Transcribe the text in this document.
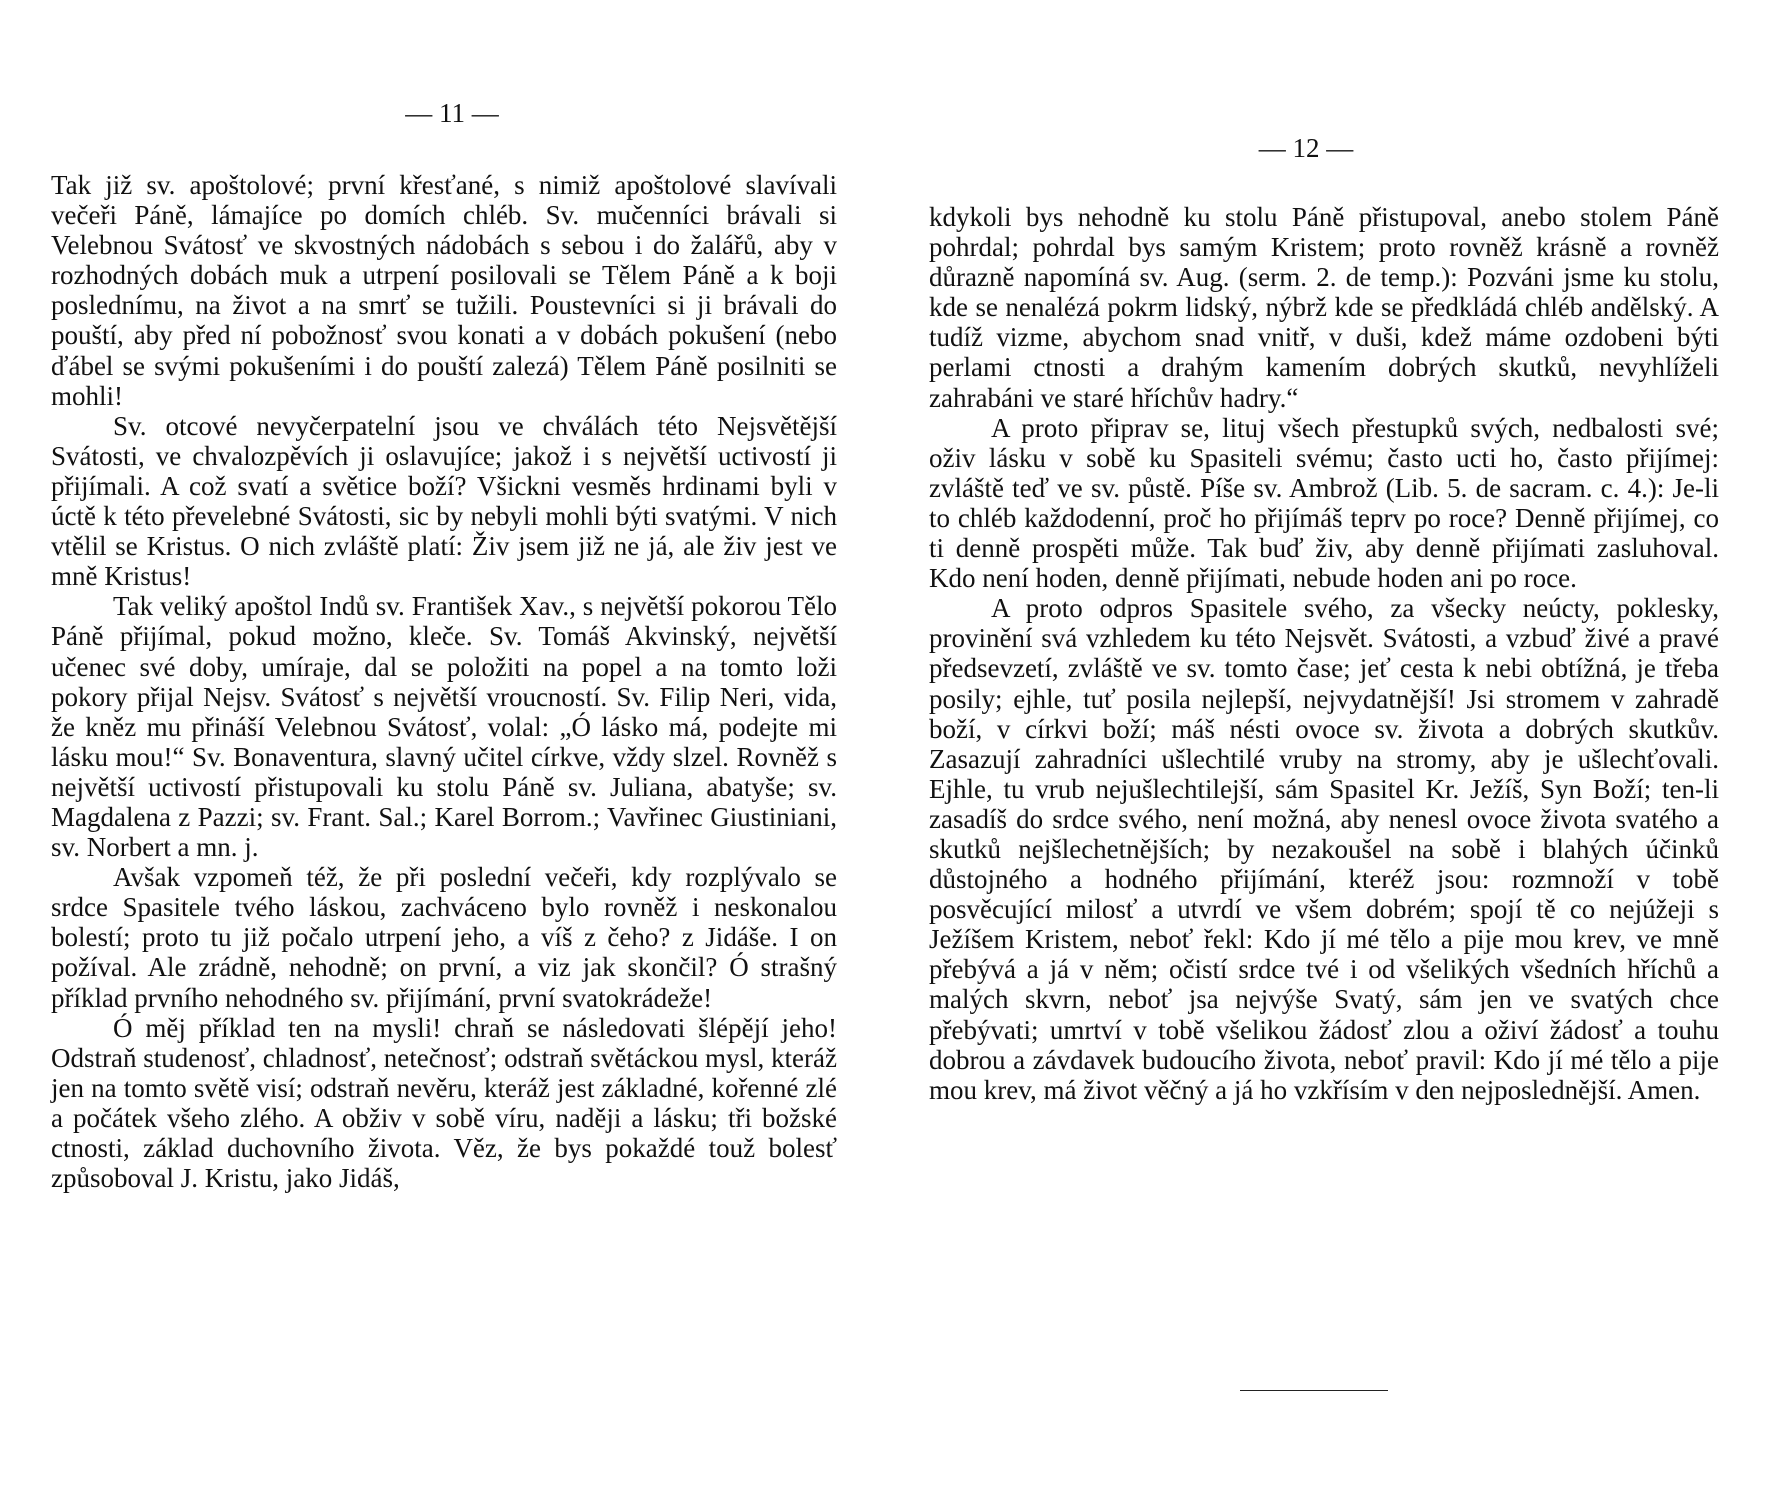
— 11 —

Tak již sv. apoštolové; první křesťané, s nimiž apoštolové slavívali večeři Páně, lámajíce po domích chléb. Sv. mučenníci brávali si Velebnou Svátosť ve skvostných nádobách s sebou i do žalářů, aby v rozhodných dobách muk a utrpení posilovali se Tělem Páně a k boji poslednímu, na život a na smrť se tužili. Poustevníci si ji brávali do pouští, aby před ní pobožnosť svou konati a v dobách pokušení (nebo ďábel se svými pokušeními i do pouští zalezá) Tělem Páně posilniti se mohli!

Sv. otcové nevyčerpatelní jsou ve chválách této Nejsvětější Svátosti, ve chvalozpěvích ji oslavujíce; jakož i s největší uctivostí ji přijímali. A což svatí a světice boží? Všickni vesměs hrdinami byli v úctě k této převelebné Svátosti, sic by nebyli mohli býti svatými. V nich vtělil se Kristus. O nich zvláště platí: Živ jsem již ne já, ale živ jest ve mně Kristus!

Tak veliký apoštol Indů sv. František Xav., s největší pokorou Tělo Páně přijímal, pokud možno, kleče. Sv. Tomáš Akvinský, největší učenec své doby, umíraje, dal se položiti na popel a na tomto loži pokory přijal Nejsv. Svátosť s největší vroucností. Sv. Filip Neri, vida, že kněz mu přináší Velebnou Svátosť, volal: „Ó lásko má, podejte mi lásku mou!“ Sv. Bonaventura, slavný učitel církve, vždy slzel. Rovněž s největší uctivostí přistupovali ku stolu Páně sv. Juliana, abatyše; sv. Magdalena z Pazzi; sv. Frant. Sal.; Karel Borrom.; Vavřinec Giustiniani, sv. Norbert a mn. j.

Avšak vzpomeň též, že při poslední večeři, kdy rozplývalo se srdce Spasitele tvého láskou, zachváceno bylo rovněž i neskonalou bolestí; proto tu již počalo utrpení jeho, a víš z čeho? z Jidáše. I on požíval. Ale zrádně, nehodně; on první, a viz jak skončil? Ó strašný příklad prvního nehodného sv. přijímání, první svatokrádeže!

Ó měj příklad ten na mysli! chraň se následovati šlépějí jeho! Odstraň studenosť, chladnosť, netečnosť; odstraň světáckou mysl, kteráž jen na tomto světě visí; odstraň nevěru, kteráž jest základné, kořenné zlé a počátek všeho zlého. A obživ v sobě víru, naději a lásku; tři božské ctnosti, základ duchovního života. Věz, že bys pokaždé touž bolesť způsoboval J. Kristu, jako Jidáš,

— 12 —

kdykoli bys nehodně ku stolu Páně přistupoval, anebo stolem Páně pohrdal; pohrdal bys samým Kristem; proto rovněž krásně a rovněž důrazně napomíná sv. Aug. (serm. 2. de temp.): Pozváni jsme ku stolu, kde se nenalézá pokrm lidský, nýbrž kde se předkládá chléb andělský. A tudíž vizme, abychom snad vnitř, v duši, kdež máme ozdobeni býti perlami ctnosti a drahým kamením dobrých skutků, nevyhlíželi zahrabáni ve staré hříchův hadry.“

A proto připrav se, lituj všech přestupků svých, nedbalosti své; oživ lásku v sobě ku Spasiteli svému; často ucti ho, často přijímej: zvláště teď ve sv. půstě. Píše sv. Ambrož (Lib. 5. de sacram. c. 4.): Je-li to chléb každodenní, proč ho přijímáš teprv po roce? Denně přijímej, co ti denně prospěti může. Tak buď živ, aby denně přijímati zasluhoval. Kdo není hoden, denně přijímati, nebude hoden ani po roce.

A proto odpros Spasitele svého, za všecky neúcty, poklesky, provinění svá vzhledem ku této Nejsvět. Svátosti, a vzbuď živé a pravé předsevzetí, zvláště ve sv. tomto čase; jeť cesta k nebi obtížná, je třeba posily; ejhle, tuť posila nejlepší, nejvydatnější! Jsi stromem v zahradě boží, v církvi boží; máš nésti ovoce sv. života a dobrých skutkův. Zasazují zahradníci ušlechtilé vruby na stromy, aby je ušlechťovali. Ejhle, tu vrub nejušlechtilejší, sám Spasitel Kr. Ježíš, Syn Boží; ten-li zasadíš do srdce svého, není možná, aby nenesl ovoce života svatého a skutků nejšlechetnějších; by nezakoušel na sobě i blahých účinků důstojného a hodného přijímání, kteréž jsou: rozmnoží v tobě posvěcující milosť a utvrdí ve všem dobrém; spojí tě co nejúžeji s Ježíšem Kristem, neboť řekl: Kdo jí mé tělo a pije mou krev, ve mně přebývá a já v něm; očistí srdce tvé i od všelikých všedních hříchů a malých skvrn, neboť jsa nejvýše Svatý, sám jen ve svatých chce přebývati; umrtví v tobě všelikou žádosť zlou a oživí žádosť a touhu dobrou a závdavek budoucího života, neboť pravil: Kdo jí mé tělo a pije mou krev, má život věčný a já ho vzkřísím v den nejposlednější. Amen.
